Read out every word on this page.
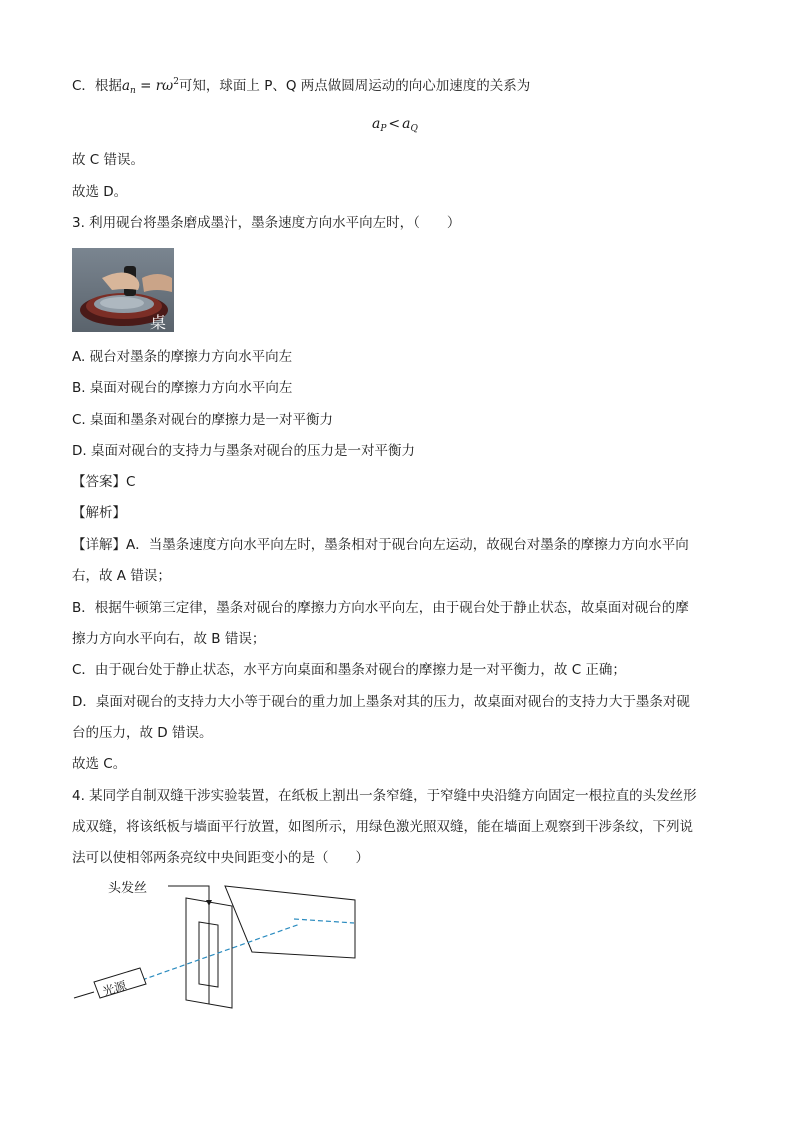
C．根据$a_n = r\omega^2$可知，球面上 P、Q 两点做圆周运动的向心加速度的关系为
$a_P < a_Q$
故 C 错误。
故选 D。
3. 利用砚台将墨条磨成墨汁，墨条速度方向水平向左时，（　　）
桌
A. 砚台对墨条的摩擦力方向水平向左
B. 桌面对砚台的摩擦力方向水平向左
C. 桌面和墨条对砚台的摩擦力是一对平衡力
D. 桌面对砚台的支持力与墨条对砚台的压力是一对平衡力
【答案】C
【解析】
【详解】A．当墨条速度方向水平向左时，墨条相对于砚台向左运动，故砚台对墨条的摩擦力方向水平向
右，故 A 错误；
B．根据牛顿第三定律，墨条对砚台的摩擦力方向水平向左，由于砚台处于静止状态，故桌面对砚台的摩
擦力方向水平向右，故 B 错误；
C．由于砚台处于静止状态，水平方向桌面和墨条对砚台的摩擦力是一对平衡力，故 C 正确；
D．桌面对砚台的支持力大小等于砚台的重力加上墨条对其的压力，故桌面对砚台的支持力大于墨条对砚
台的压力，故 D 错误。
故选 C。
4. 某同学自制双缝干涉实验装置，在纸板上割出一条窄缝，于窄缝中央沿缝方向固定一根拉直的头发丝形
成双缝，将该纸板与墙面平行放置，如图所示，用绿色激光照双缝，能在墙面上观察到干涉条纹，下列说
法可以使相邻两条亮纹中央间距变小的是（　　）
头发丝
光源
